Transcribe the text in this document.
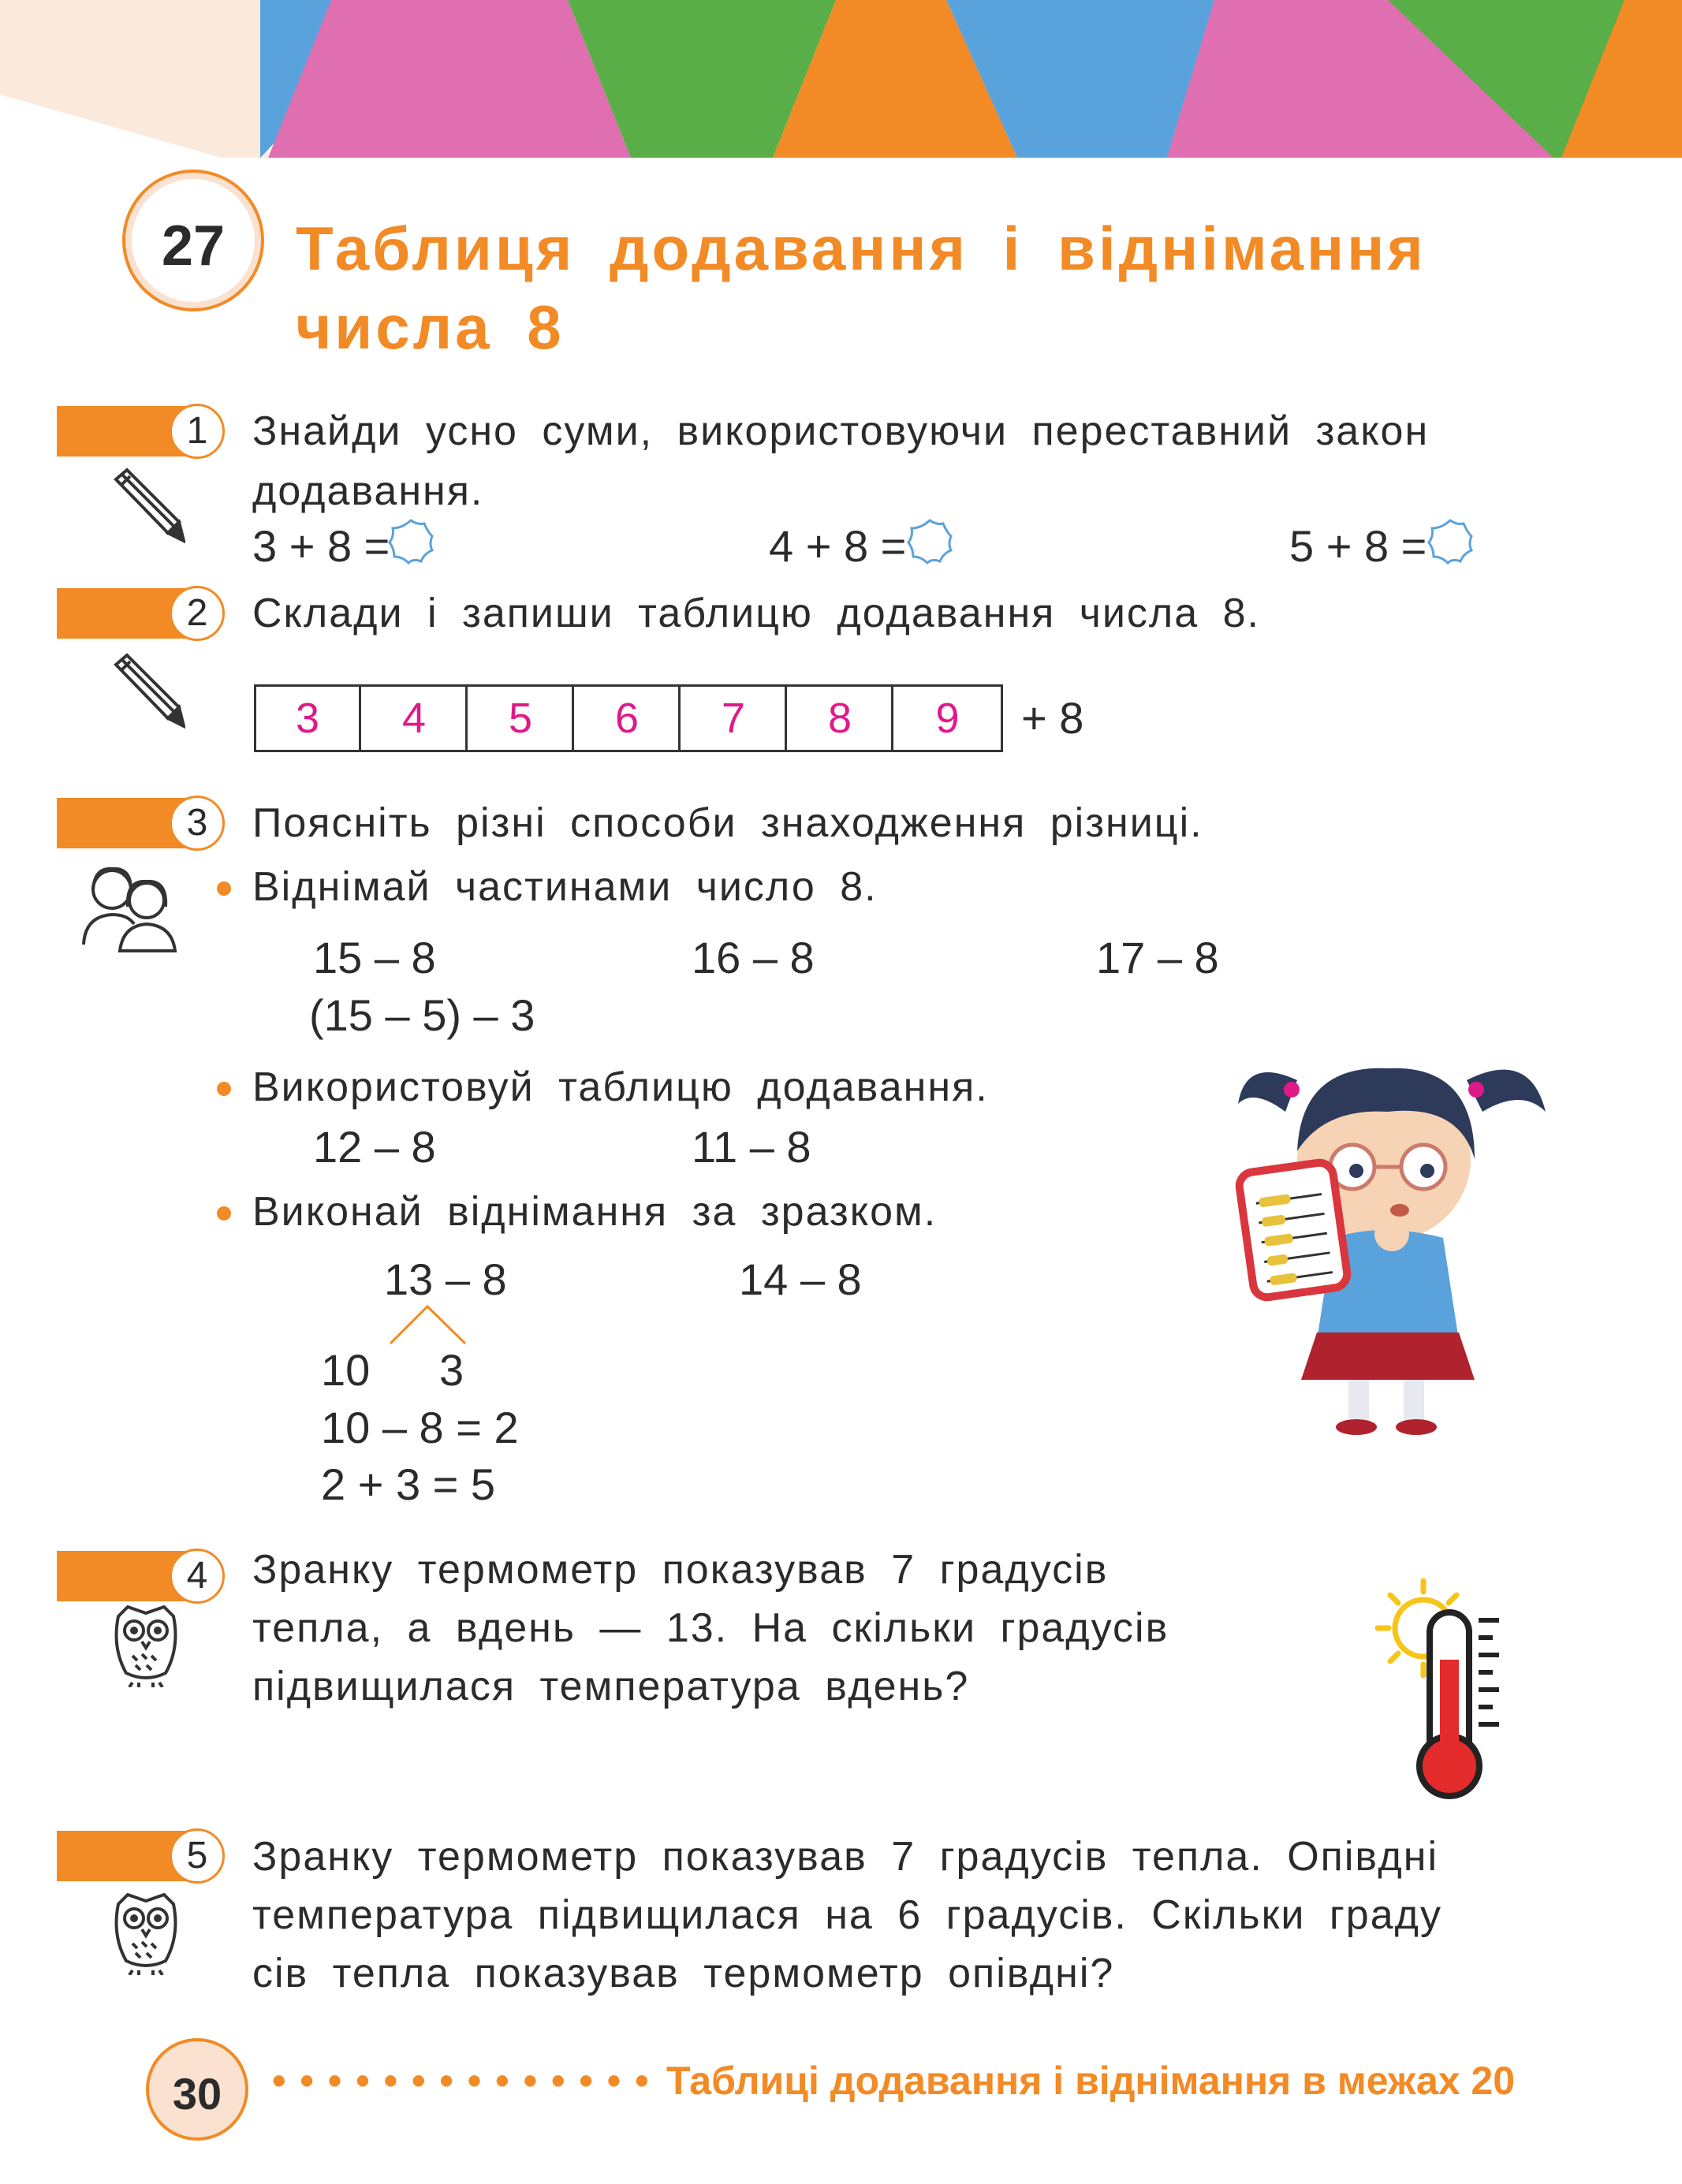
27	Таблиця додавання і віднімання
числа 8
1	Знайди усно суми, використовуючи переставний закон
додавання.
3 + 8 =	4 + 8 =	5 + 8 =
2	Склади і запиши таблицю додавання числа 8.
3	4	5	6	7	8	9	+ 8
3	Поясніть різні способи знаходження різниці.
Віднімай частинами число 8.
15 – 8	16 – 8	17 – 8
(15 – 5) – 3
Використовуй таблицю додавання.
12 – 8	11 – 8
Виконай віднімання за зразком.
13 – 8	14 – 8
10 3
10 – 8 = 2
2 + 3 = 5
4	Зранку термометр показував 7 градусів
тепла, а вдень — 13. На скільки градусів
підвищилася температура вдень?
5	Зранку термометр показував 7 градусів тепла. Опівдні
температура підвищилася на 6 градусів. Скільки граду
сів тепла показував термометр опівдні?
30	• • • • • • • • • • • • • • Таблиці додавання і віднімання в межах 20
